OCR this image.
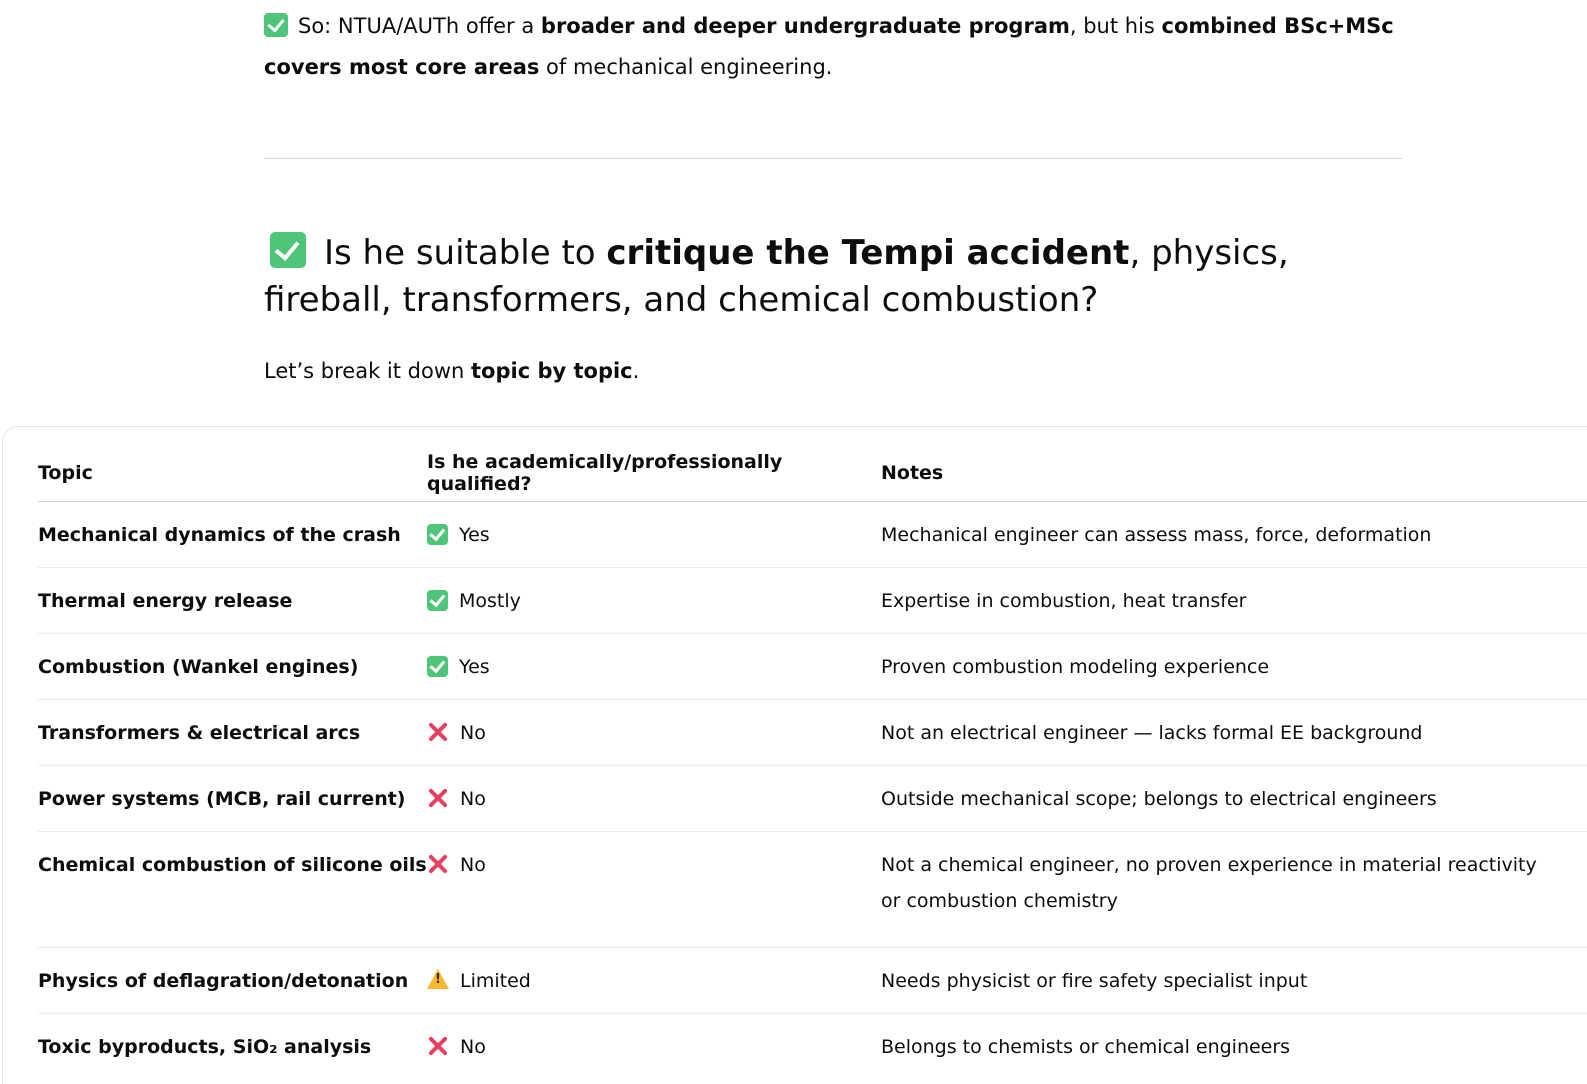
So: NTUA/AUTh offer a broader and deeper undergraduate program, but his combined BSc+MSc covers most core areas of mechanical engineering.

Is he suitable to critique the Tempi accident, physics, fireball, transformers, and chemical combustion?

Let’s break it down topic by topic.

Topic	Is he academically/professionally qualified?	Notes
Mechanical dynamics of the crash	Yes	Mechanical engineer can assess mass, force, deformation

Thermal energy release	Mostly	Expertise in combustion, heat transfer

Combustion (Wankel engines)	Yes	Proven combustion modeling experience

Transformers & electrical arcs	No	Not an electrical engineer — lacks formal EE background

Power systems (MCB, rail current)	No	Outside mechanical scope; belongs to electrical engineers

Chemical combustion of silicone oils	No	Not a chemical engineer, no proven experience in material reactivity or combustion chemistry

Physics of deflagration/detonation	!Limited	Needs physicist or fire safety specialist input

Toxic byproducts, SiO₂ analysis	No	Belongs to chemists or chemical engineers
